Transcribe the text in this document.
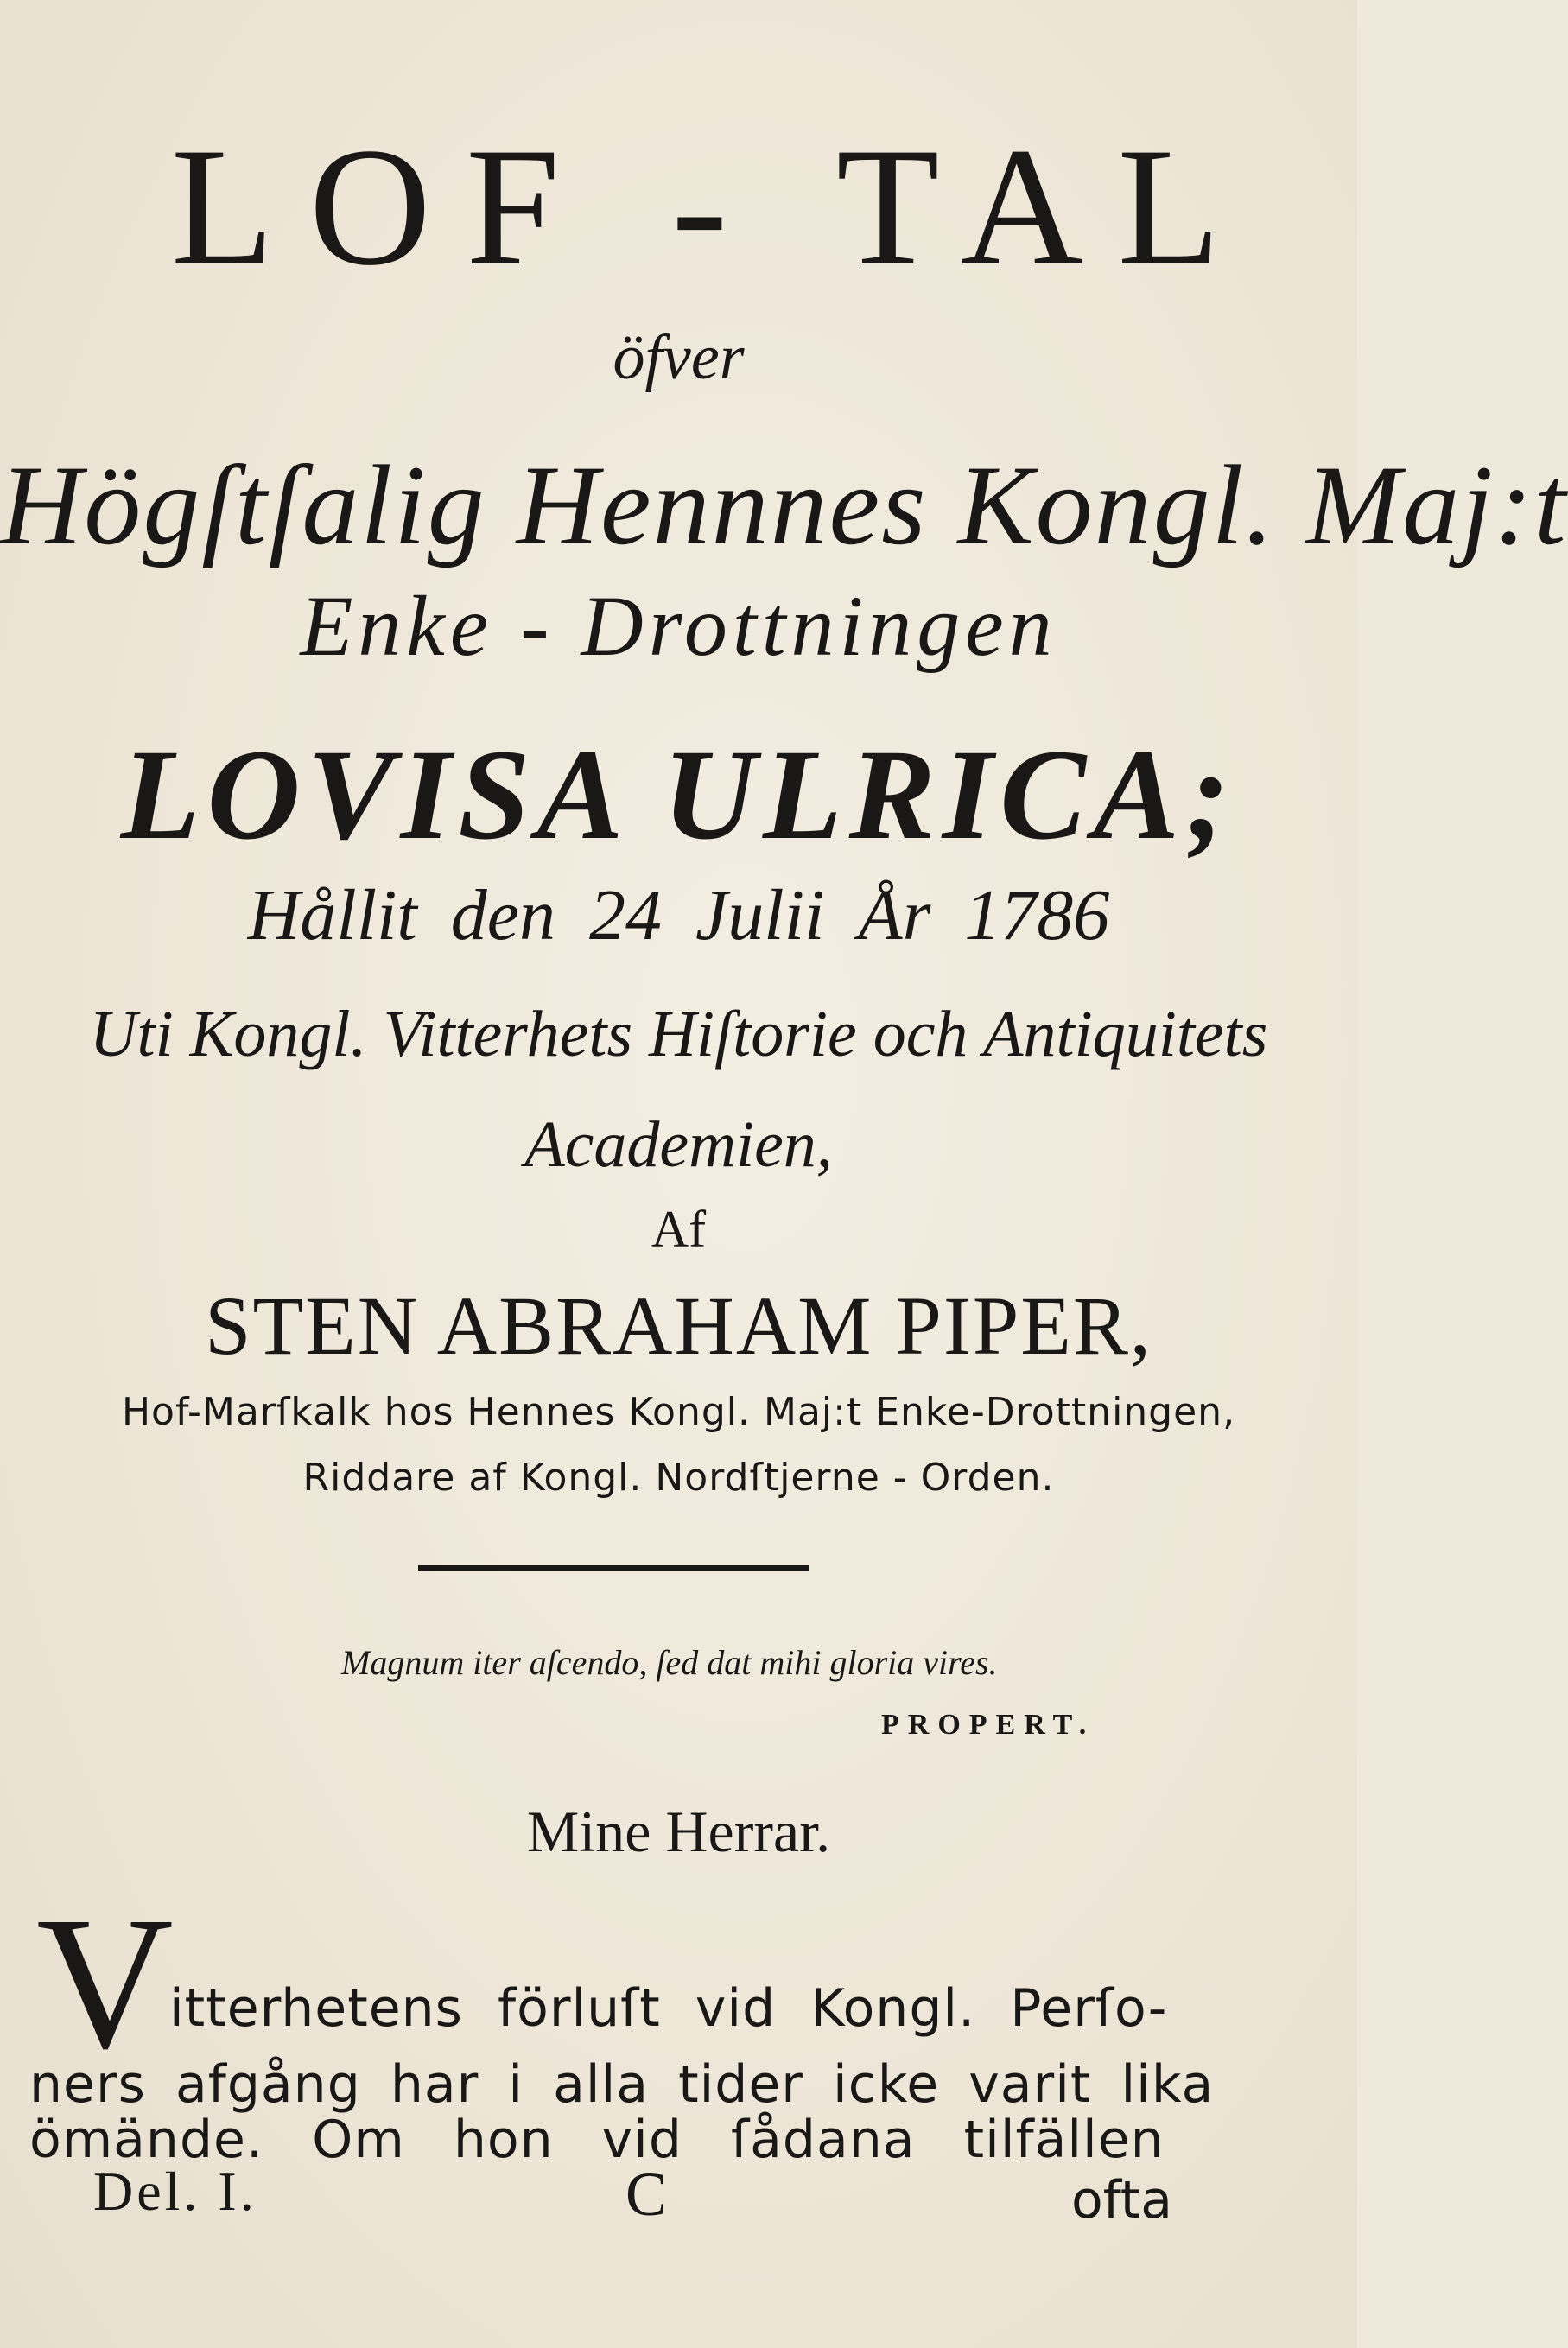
LOF - TAL
öfver
Högſtſalig Hennnes Kongl. Maj:t
Enke - Drottningen
LOVISA ULRICA;
Hållit den 24 Julii År 1786
Uti Kongl. Vitterhets Hiſtorie och Antiquitets
Academien,
Af
STEN ABRAHAM PIPER,
Hof-Marſkalk hos Hennes Kongl. Maj:t Enke-Drottningen,
Riddare af Kongl. Nordſtjerne - Orden.
Magnum iter aſcendo, ſed dat mihi gloria vires.
PROPERT.
Mine Herrar.
V
itterhetens förluſt vid Kongl. Perſo-
ners afgång har i alla tider icke varit lika
ömände. Om hon vid ſådana tilfällen
Del. I.	C	ofta
